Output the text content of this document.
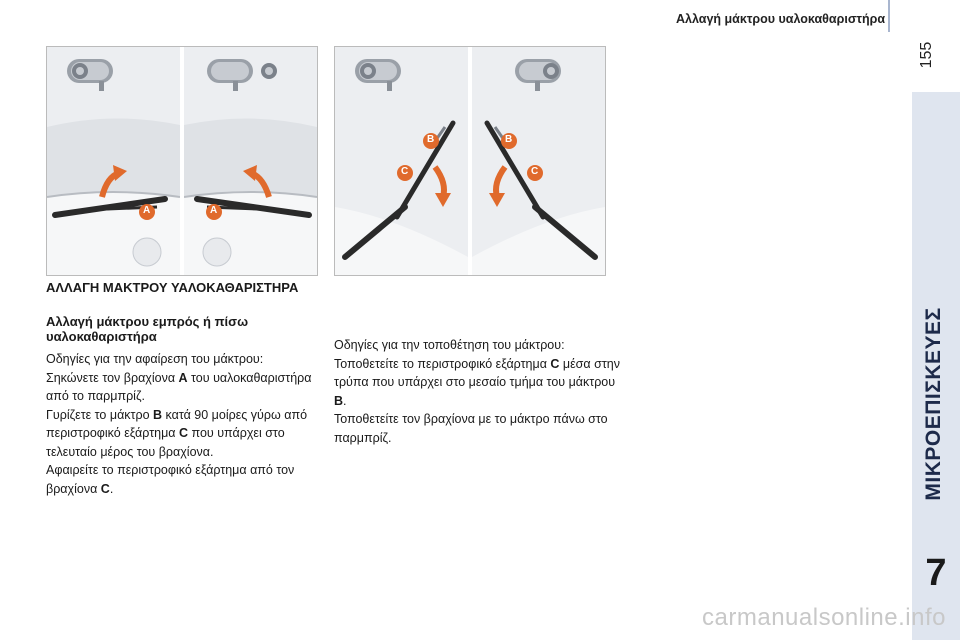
Αλλαγή μάκτρου υαλοκαθαριστήρα
155
ΜΙΚΡΟΕΠΙΣΚΕΥΕΣ
7
A	A
B
C
B
C
ΑΛΛΑΓΗ ΜΑΚΤΡΟΥ ΥΑΛΟΚΑΘΑΡΙΣΤΗΡΑ
Αλλαγή μάκτρου εμπρός ή πίσω υαλοκαθαριστήρα

Οδηγίες για την αφαίρεση του μάκτρου:

Σηκώνετε τον βραχίονα A του υαλοκαθαριστήρα από το παρμπρίζ.

Γυρίζετε το μάκτρο B κατά 90 μοίρες γύρω από περιστροφικό εξάρτημα C που υπάρχει στο τελευταίο μέρος του βραχίονα.

Αφαιρείτε το περιστροφικό εξάρτημα από τον βραχίονα C.

Οδηγίες για την τοποθέτηση του μάκτρου:

Τοποθετείτε το περιστροφικό εξάρτημα C μέσα στην τρύπα που υπάρχει στο μεσαίο τμήμα του μάκτρου B.

Τοποθετείτε τον βραχίονα με το μάκτρο πάνω στο παρμπρίζ.

carmanualsonline.info
